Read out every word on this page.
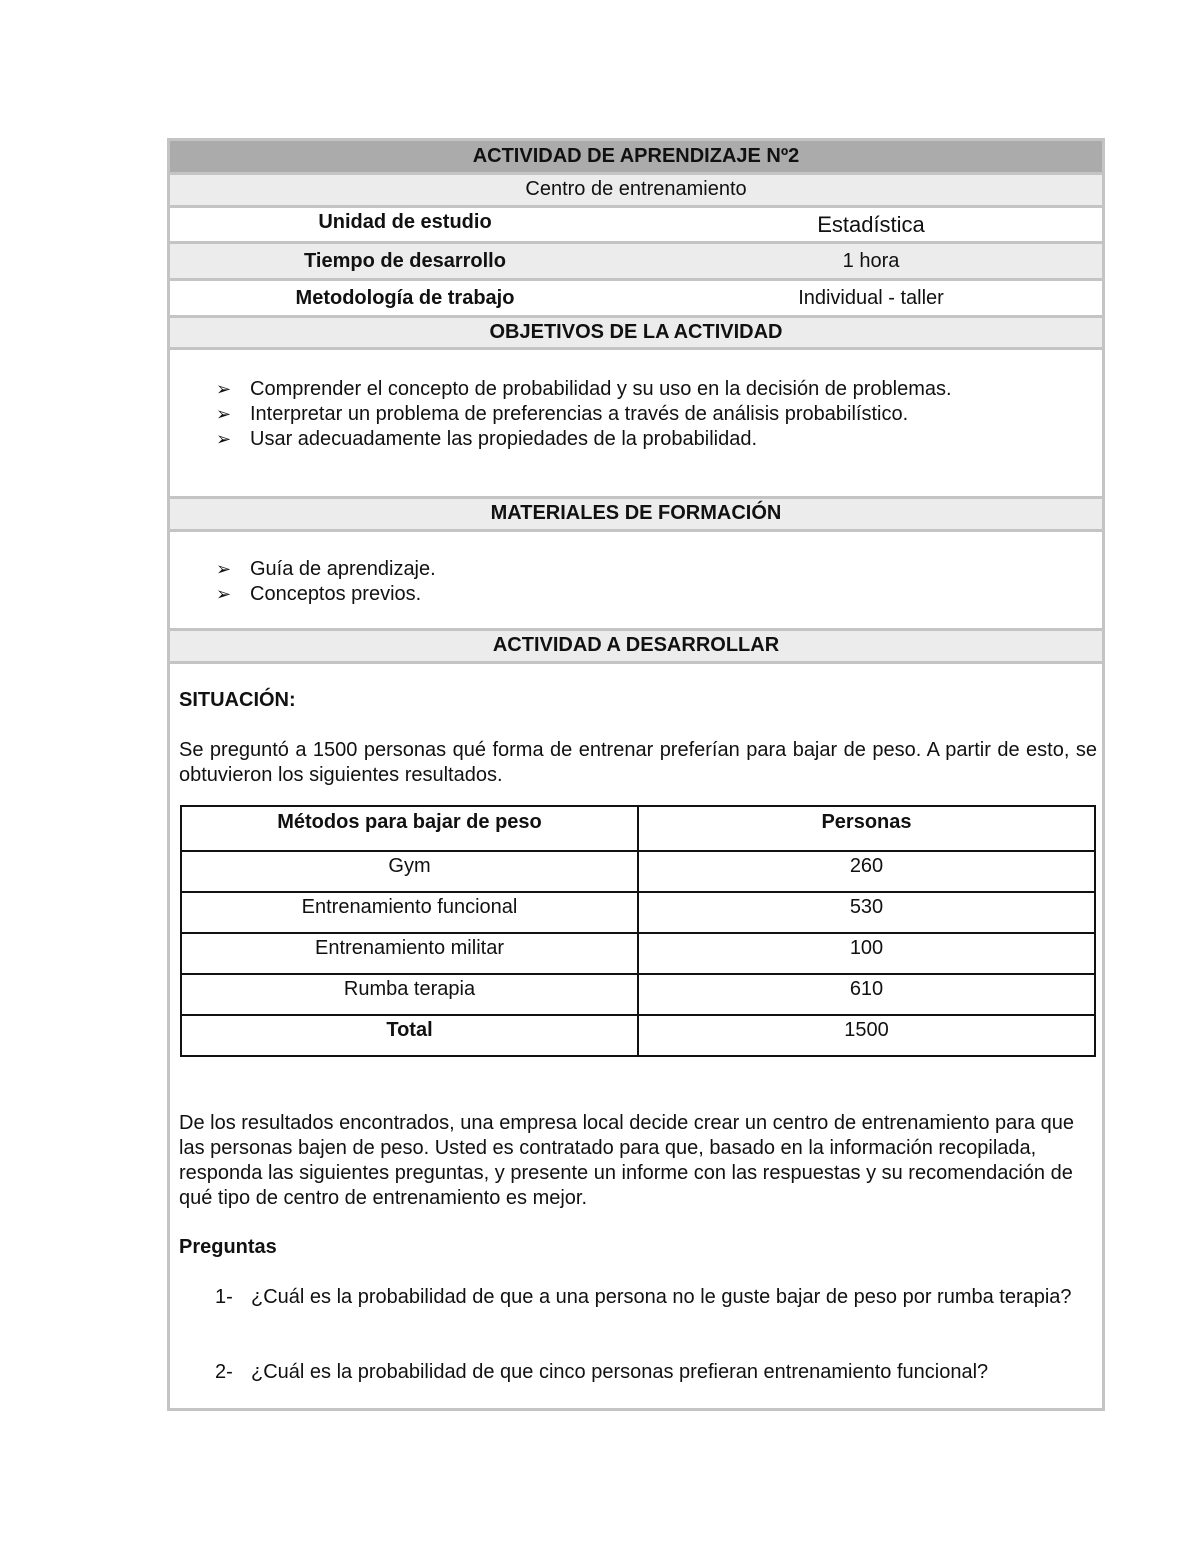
ACTIVIDAD DE APRENDIZAJE Nº2
Centro de entrenamiento
Unidad de estudio	Estadística
Tiempo de desarrollo	1 hora
Metodología de trabajo	Individual - taller
OBJETIVOS DE LA ACTIVIDAD
➢ Comprender el concepto de probabilidad y su uso en la decisión de problemas.
➢ Interpretar un problema de preferencias a través de análisis probabilístico.
➢ Usar adecuadamente las propiedades de la probabilidad.
MATERIALES DE FORMACIÓN
➢ Guía de aprendizaje.
➢ Conceptos previos.
ACTIVIDAD A DESARROLLAR
SITUACIÓN:
Se preguntó a 1500 personas qué forma de entrenar preferían para bajar de peso. A partir de esto, se obtuvieron los siguientes resultados.
Métodos para bajar de peso	Personas
Gym	260
Entrenamiento funcional	530
Entrenamiento militar	100
Rumba terapia	610
Total	1500
De los resultados encontrados, una empresa local decide crear un centro de entrenamiento para que las personas bajen de peso. Usted es contratado para que, basado en la información recopilada, responda las siguientes preguntas, y presente un informe con las respuestas y su recomendación de qué tipo de centro de entrenamiento es mejor.
Preguntas
1- ¿Cuál es la probabilidad de que a una persona no le guste bajar de peso por rumba terapia?
2- ¿Cuál es la probabilidad de que cinco personas prefieran entrenamiento funcional?
